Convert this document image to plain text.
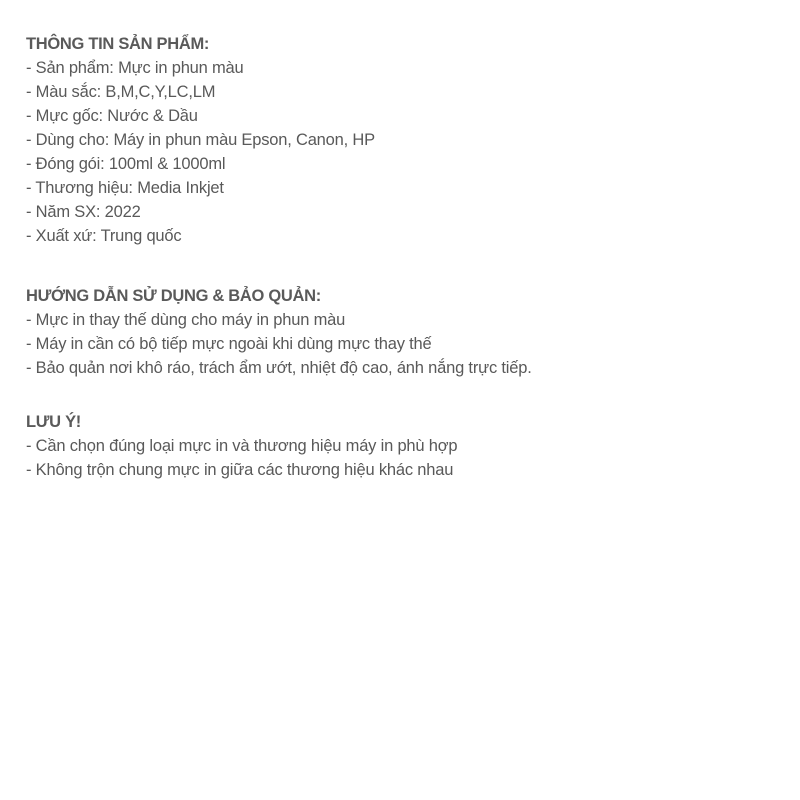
THÔNG TIN SẢN PHẨM:
- Sản phẩm: Mực in phun màu
- Màu sắc: B,M,C,Y,LC,LM
- Mực gốc: Nước & Dầu
- Dùng cho: Máy in phun màu Epson, Canon, HP
- Đóng gói: 100ml & 1000ml
- Thương hiệu: Media Inkjet
- Năm SX: 2022
- Xuất xứ: Trung quốc
HƯỚNG DẪN SỬ DỤNG & BẢO QUẢN:
- Mực in thay thế dùng cho máy in phun màu
- Máy in cần có bộ tiếp mực ngoài khi dùng mực thay thế
- Bảo quản nơi khô ráo, trách ẩm ướt, nhiệt độ cao, ánh nắng trực tiếp.
LƯU Ý!
- Cần chọn đúng loại mực in và thương hiệu máy in phù hợp
- Không trộn chung mực in giữa các thương hiệu khác nhau
